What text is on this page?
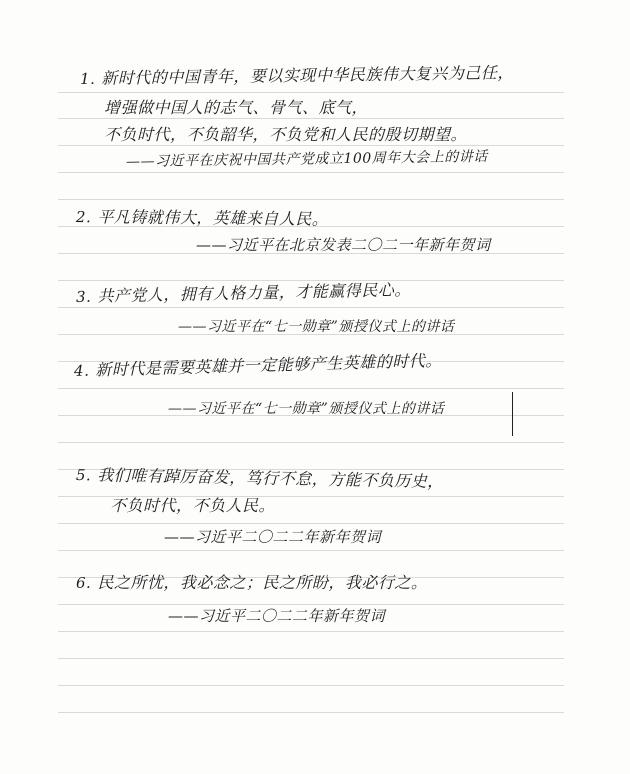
1. 新时代的中国青年，要以实现中华民族伟大复兴为己任，
增强做中国人的志气、骨气、底气，
不负时代，不负韶华，不负党和人民的殷切期望。
——习近平在庆祝中国共产党成立100周年大会上的讲话
2. 平凡铸就伟大，英雄来自人民。
——习近平在北京发表二〇二一年新年贺词
3. 共产党人，拥有人格力量，才能赢得民心。
——习近平在“七一勋章”颁授仪式上的讲话
4. 新时代是需要英雄并一定能够产生英雄的时代。
——习近平在“七一勋章”颁授仪式上的讲话
5. 我们唯有踔厉奋发，笃行不怠，方能不负历史，
不负时代，不负人民。
——习近平二〇二二年新年贺词
6. 民之所忧，我必念之；民之所盼，我必行之。
——习近平二〇二二年新年贺词
